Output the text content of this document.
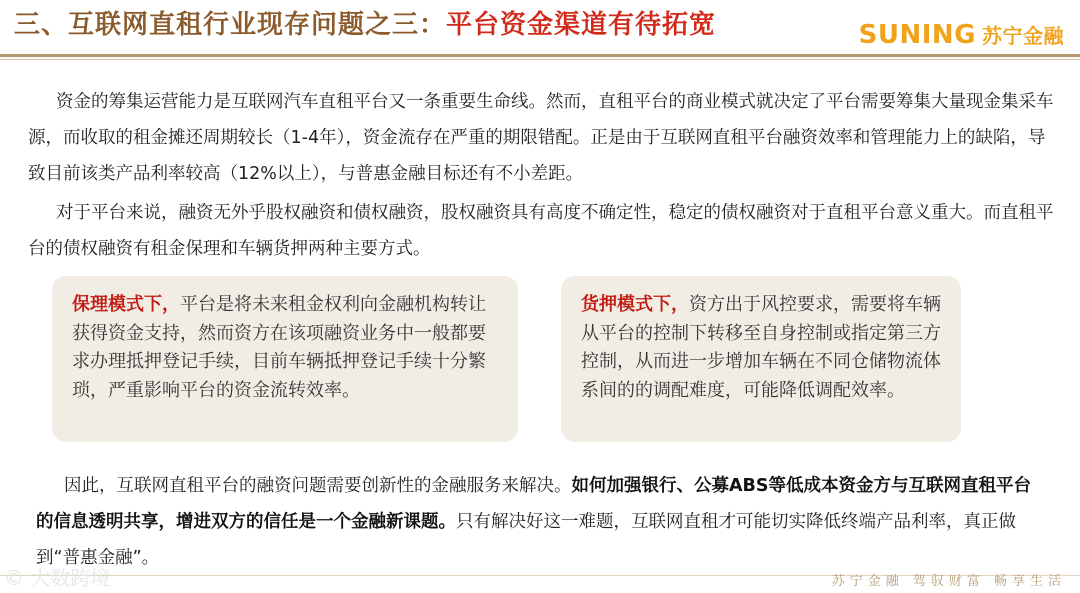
三、互联网直租行业现存问题之三：平台资金渠道有待拓宽	SUNING 苏宁金融
资金的筹集运营能力是互联网汽车直租平台又一条重要生命线。然而，直租平台的商业模式就决定了平台需要筹集大量现金集采车源，而收取的租金摊还周期较长（1-4年），资金流存在严重的期限错配。正是由于互联网直租平台融资效率和管理能力上的缺陷，导致目前该类产品利率较高（12%以上），与普惠金融目标还有不小差距。
对于平台来说，融资无外乎股权融资和债权融资，股权融资具有高度不确定性，稳定的债权融资对于直租平台意义重大。而直租平台的债权融资有租金保理和车辆货押两种主要方式。
保理模式下，平台是将未来租金权利向金融机构转让获得资金支持，然而资方在该项融资业务中一般都要求办理抵押登记手续，目前车辆抵押登记手续十分繁琐，严重影响平台的资金流转效率。
货押模式下，资方出于风控要求，需要将车辆从平台的控制下转移至自身控制或指定第三方控制，从而进一步增加车辆在不同仓储物流体系间的的调配难度，可能降低调配效率。
因此，互联网直租平台的融资问题需要创新性的金融服务来解决。如何加强银行、公募ABS等低成本资金方与互联网直租平台的信息透明共享，增进双方的信任是一个金融新课题。只有解决好这一难题，互联网直租才可能切实降低终端产品利率，真正做到“普惠金融”。
© 大数跨境	苏宁金融 驾驭财富 畅享生活
